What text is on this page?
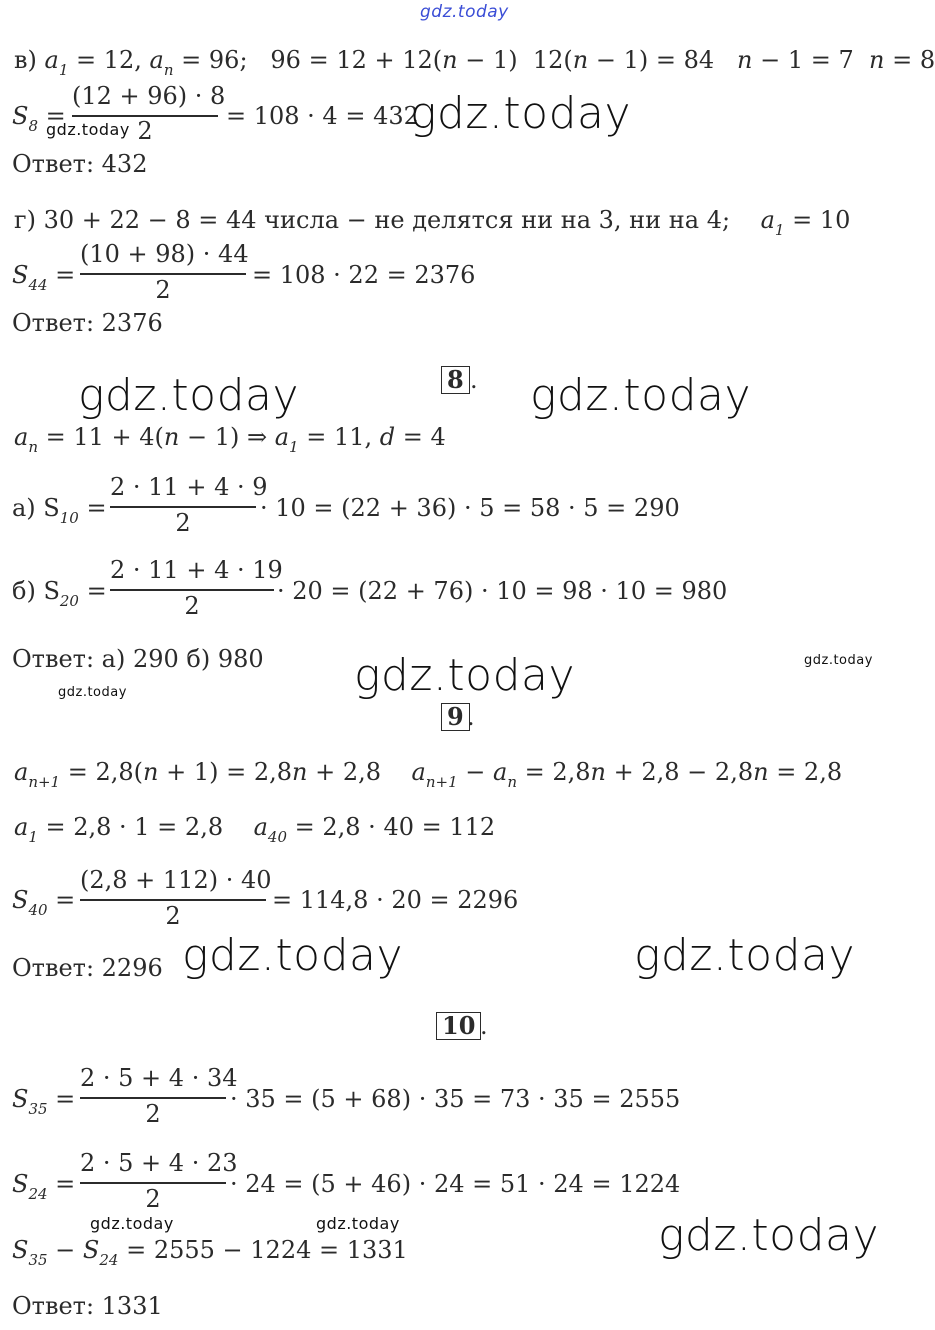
gdz.today
в) $a_1 = 12$, $a_n = 96$;   96 = 12 + 12(n − 1)  12(n − 1) = 84   n − 1 = 7  n = 8
$S_8$ =
(12 + 96) · 8
2
= 108 · 4 = 432
gdz.today
gdz.today
Ответ: 432
г) 30 + 22 − 8 = 44 числа − не делятся ни на 3, ни на 4;    $a_1 = 10$
$S_{44}$ =
(10 + 98) · 44
2
= 108 · 22 = 2376
Ответ: 2376
gdz.today	8 . gdz.today
$a_n = 11 + 4(n - 1)$ ⇒ $a_1 = 11$, d = 4
а) $S_{10}$ =
2 · 11 + 4 · 9
2
· 10 = (22 + 36) · 5 = 58 · 5 = 290
б) $S_{20}$ =
2 · 11 + 4 · 19
2
· 20 = (22 + 76) · 10 = 98 · 10 = 980
Ответ: а) 290 б) 980 gdz.today	gdz.today
gdz.today
9 .
$a_{n+1} = 2,8(n + 1) = 2,8n + 2,8$    $a_{n+1} - a_n = 2,8n + 2,8 - 2,8n = 2,8$
$a_1 = 2,8 \cdot 1 = 2,8$    $a_{40} = 2,8 \cdot 40 = 112$
$S_{40}$ =
(2,8 + 112) · 40
2
= 114,8 · 20 = 2296
Ответ: 2296 gdz.today	gdz.today
10 .
$S_{35}$ =
2 · 5 + 4 · 34
2
· 35 = (5 + 68) · 35 = 73 · 35 = 2555
$S_{24}$ =
2 · 5 + 4 · 23
2
· 24 = (5 + 46) · 24 = 51 · 24 = 1224
gdz.today	gdz.today
$S_{35} - S_{24} = 2555 - 1224 = 1331$	gdz.today
Ответ: 1331
